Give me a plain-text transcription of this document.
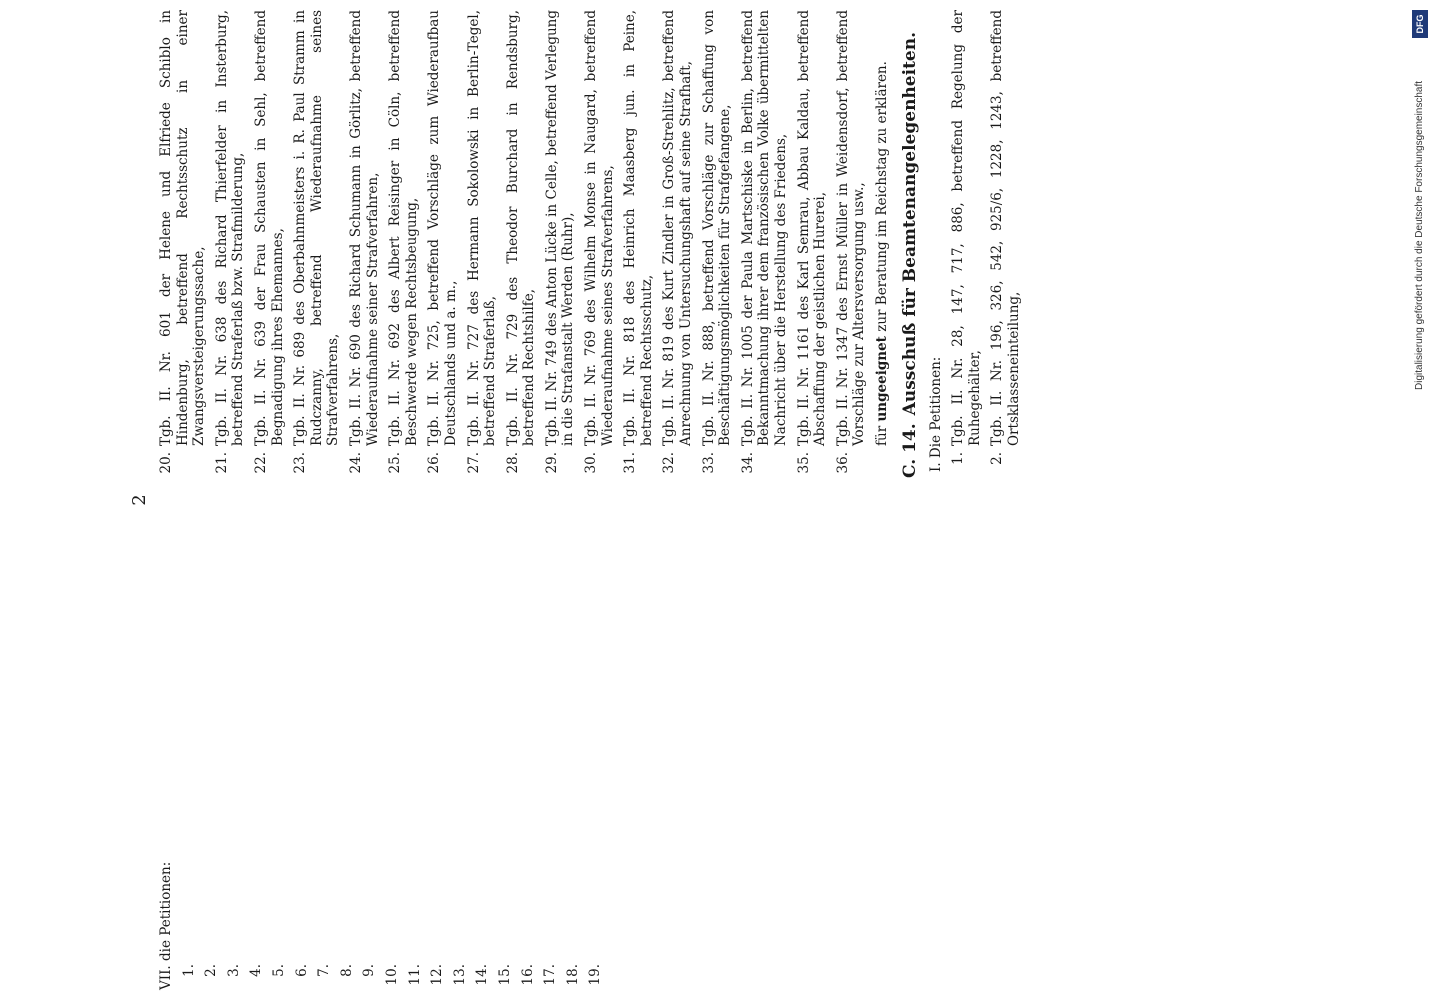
2
VII. die Petitionen: 1. 2. 3. 4. 5. 6. 7. 8. 9. 10. 11. 12. 13. 14. 15. 16. 17. 18. 19.
20.
Tgb. II. Nr. 601 der Helene und Elfriede Schiblo in Hindenburg, betreffend Rechtsschutz in einer Zwangsversteigerungssache,
21.
Tgb. II. Nr. 638 des Richard Thierfelder in Insterburg, betreffend Straferlaß bzw. Strafmilderung,
22.
Tgb. II. Nr. 639 der Frau Schausten in Sehl, betreffend Begnadigung ihres Ehemannes,
23.
Tgb. II. Nr. 689 des Oberbahnmeisters i. R. Paul Stramm in Rudczanny, betreffend Wiederaufnahme seines Strafverfahrens,
24.
Tgb. II. Nr. 690 des Richard Schumann in Görlitz, betreffend Wiederaufnahme seiner Strafverfahren,
25.
Tgb. II. Nr. 692 des Albert Reisinger in Cöln, betreffend Beschwerde wegen Rechtsbeugung,
26.
Tgb. II. Nr. 725, betreffend Vorschläge zum Wiederaufbau Deutschlands und a. m.,
27.
Tgb. II. Nr. 727 des Hermann Sokolowski in Berlin-Tegel, betreffend Straferlaß,
28.
Tgb. II. Nr. 729 des Theodor Burchard in Rendsburg, betreffend Rechtshilfe,
29.
Tgb. II. Nr. 749 des Anton Lücke in Celle, betreffend Verlegung in die Strafanstalt Werden (Ruhr),
30.
Tgb. II. Nr. 769 des Wilhelm Monse in Naugard, betreffend Wiederaufnahme seines Strafverfahrens,
31.
Tgb. II. Nr. 818 des Heinrich Maasberg jun. in Peine, betreffend Rechtsschutz,
32.
Tgb. II. Nr. 819 des Kurt Zindler in Groß-Strehlitz, betreffend Anrechnung von Untersuchungshaft auf seine Strafhaft,
33.
Tgb. II. Nr. 888, betreffend Vorschläge zur Schaffung von Beschäftigungsmöglichkeiten für Strafgefangene,
34.
Tgb. II. Nr. 1005 der Paula Martschiske in Berlin, betreffend Bekanntmachung ihrer dem französischen Volke übermittelten Nachricht über die Herstellung des Friedens,
35.
Tgb. II. Nr. 1161 des Karl Semrau, Abbau Kaldau, betreffend Abschaffung der geistlichen Hurerei,
36.
Tgb. II. Nr. 1347 des Ernst Müller in Weidensdorf, betreffend Vorschläge zur Altersversorgung usw., für ungeeignet zur Beratung im Reichstag zu erklären.
C. 14.
Ausschuß für Beamtenangelegenheiten. I. Die Petitionen: 1.
Tgb. II. Nr. 28, 147, 717, 886, betreffend Regelung der Ruhegehälter,
2.
Tgb. II. Nr. 196, 326, 542, 925/6, 1228, 1243, betreffend Ortsklasseneinteilung,	Digitalisierung gefördert durch die Deutsche Forschungsgemeinschaft
DFG
